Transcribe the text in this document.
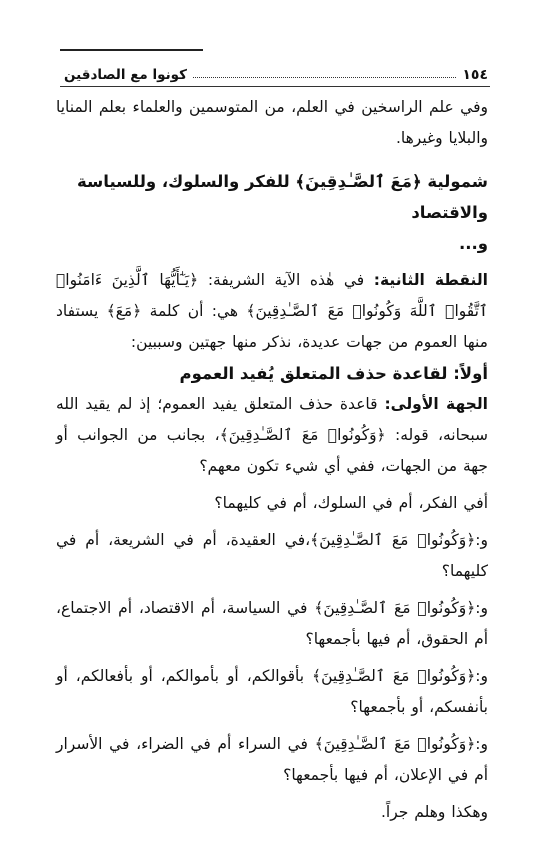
١٥٤
كونوا مع الصادقين

وفي علم الراسخين في العلم، من المتوسمين والعلماء بعلم المنايا والبلايا وغيرها.

شمولية ﴿مَعَ ٱلصَّـٰدِقِينَ﴾ للفكر والسلوك، وللسياسة والاقتصاد
و...

النقطة الثانية: في هٰذه الآية الشريفة: ﴿يَـٰٓأَيُّهَا ٱلَّذِينَ ءَامَنُوا۟ ٱتَّقُوا۟ ٱللَّهَ وَكُونُوا۟ مَعَ ٱلصَّـٰدِقِينَ﴾ هي: أن كلمة ﴿مَعَ﴾ يستفاد منها العموم من جهات عديدة، نذكر منها جهتين وسببين:

أولاً: لقاعدة حذف المتعلق يُفيد العموم

الجهة الأولى: قاعدة حذف المتعلق يفيد العموم؛ إذ لم يقيد الله سبحانه، قوله: ﴿وَكُونُوا۟ مَعَ ٱلصَّـٰدِقِينَ﴾، بجانب من الجوانب أو جهة من الجهات، ففي أي شيء تكون معهم؟

أفي الفكر، أم في السلوك، أم في كليهما؟

و:﴿وَكُونُوا۟ مَعَ ٱلصَّـٰدِقِينَ﴾،في العقيدة، أم في الشريعة، أم في كليهما؟

و:﴿وَكُونُوا۟ مَعَ ٱلصَّـٰدِقِينَ﴾ في السياسة، أم الاقتصاد، أم الاجتماع، أم الحقوق، أم فيها بأجمعها؟

و:﴿وَكُونُوا۟ مَعَ ٱلصَّـٰدِقِينَ﴾ بأقوالكم، أو بأموالكم، أو بأفعالكم، أو بأنفسكم، أو بأجمعها؟

و:﴿وَكُونُوا۟ مَعَ ٱلصَّـٰدِقِينَ﴾ في السراء أم في الضراء، في الأسرار أم في الإعلان، أم فيها بأجمعها؟

وهكذا وهلم جراً.
